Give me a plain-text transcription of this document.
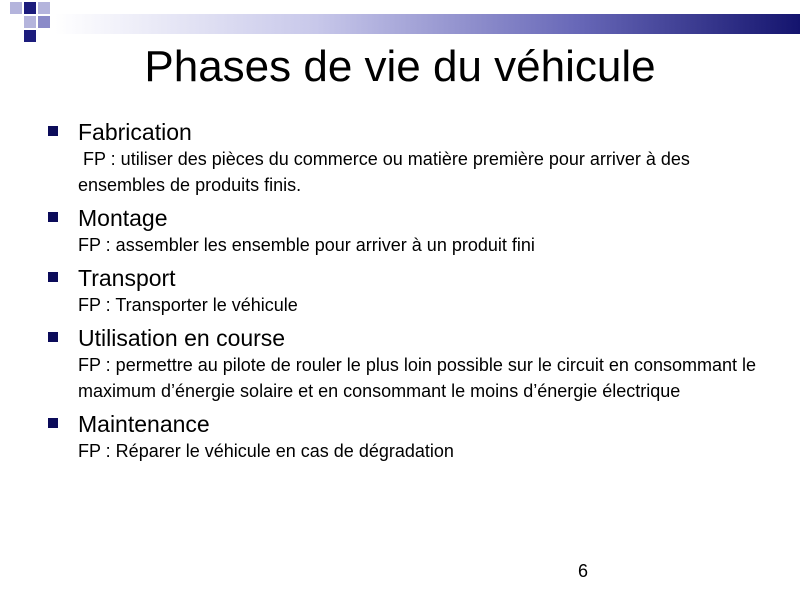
Phases de vie du véhicule
Fabrication
FP : utiliser des pièces du commerce ou matière première pour arriver à des ensembles de produits finis.
Montage
FP : assembler les ensemble pour arriver à un produit fini
Transport
FP : Transporter le véhicule
Utilisation en course
FP : permettre au pilote de rouler le plus loin possible sur le circuit en consommant le maximum d’énergie solaire et en consommant le moins d’énergie électrique
Maintenance
FP : Réparer le véhicule en cas de dégradation
6
